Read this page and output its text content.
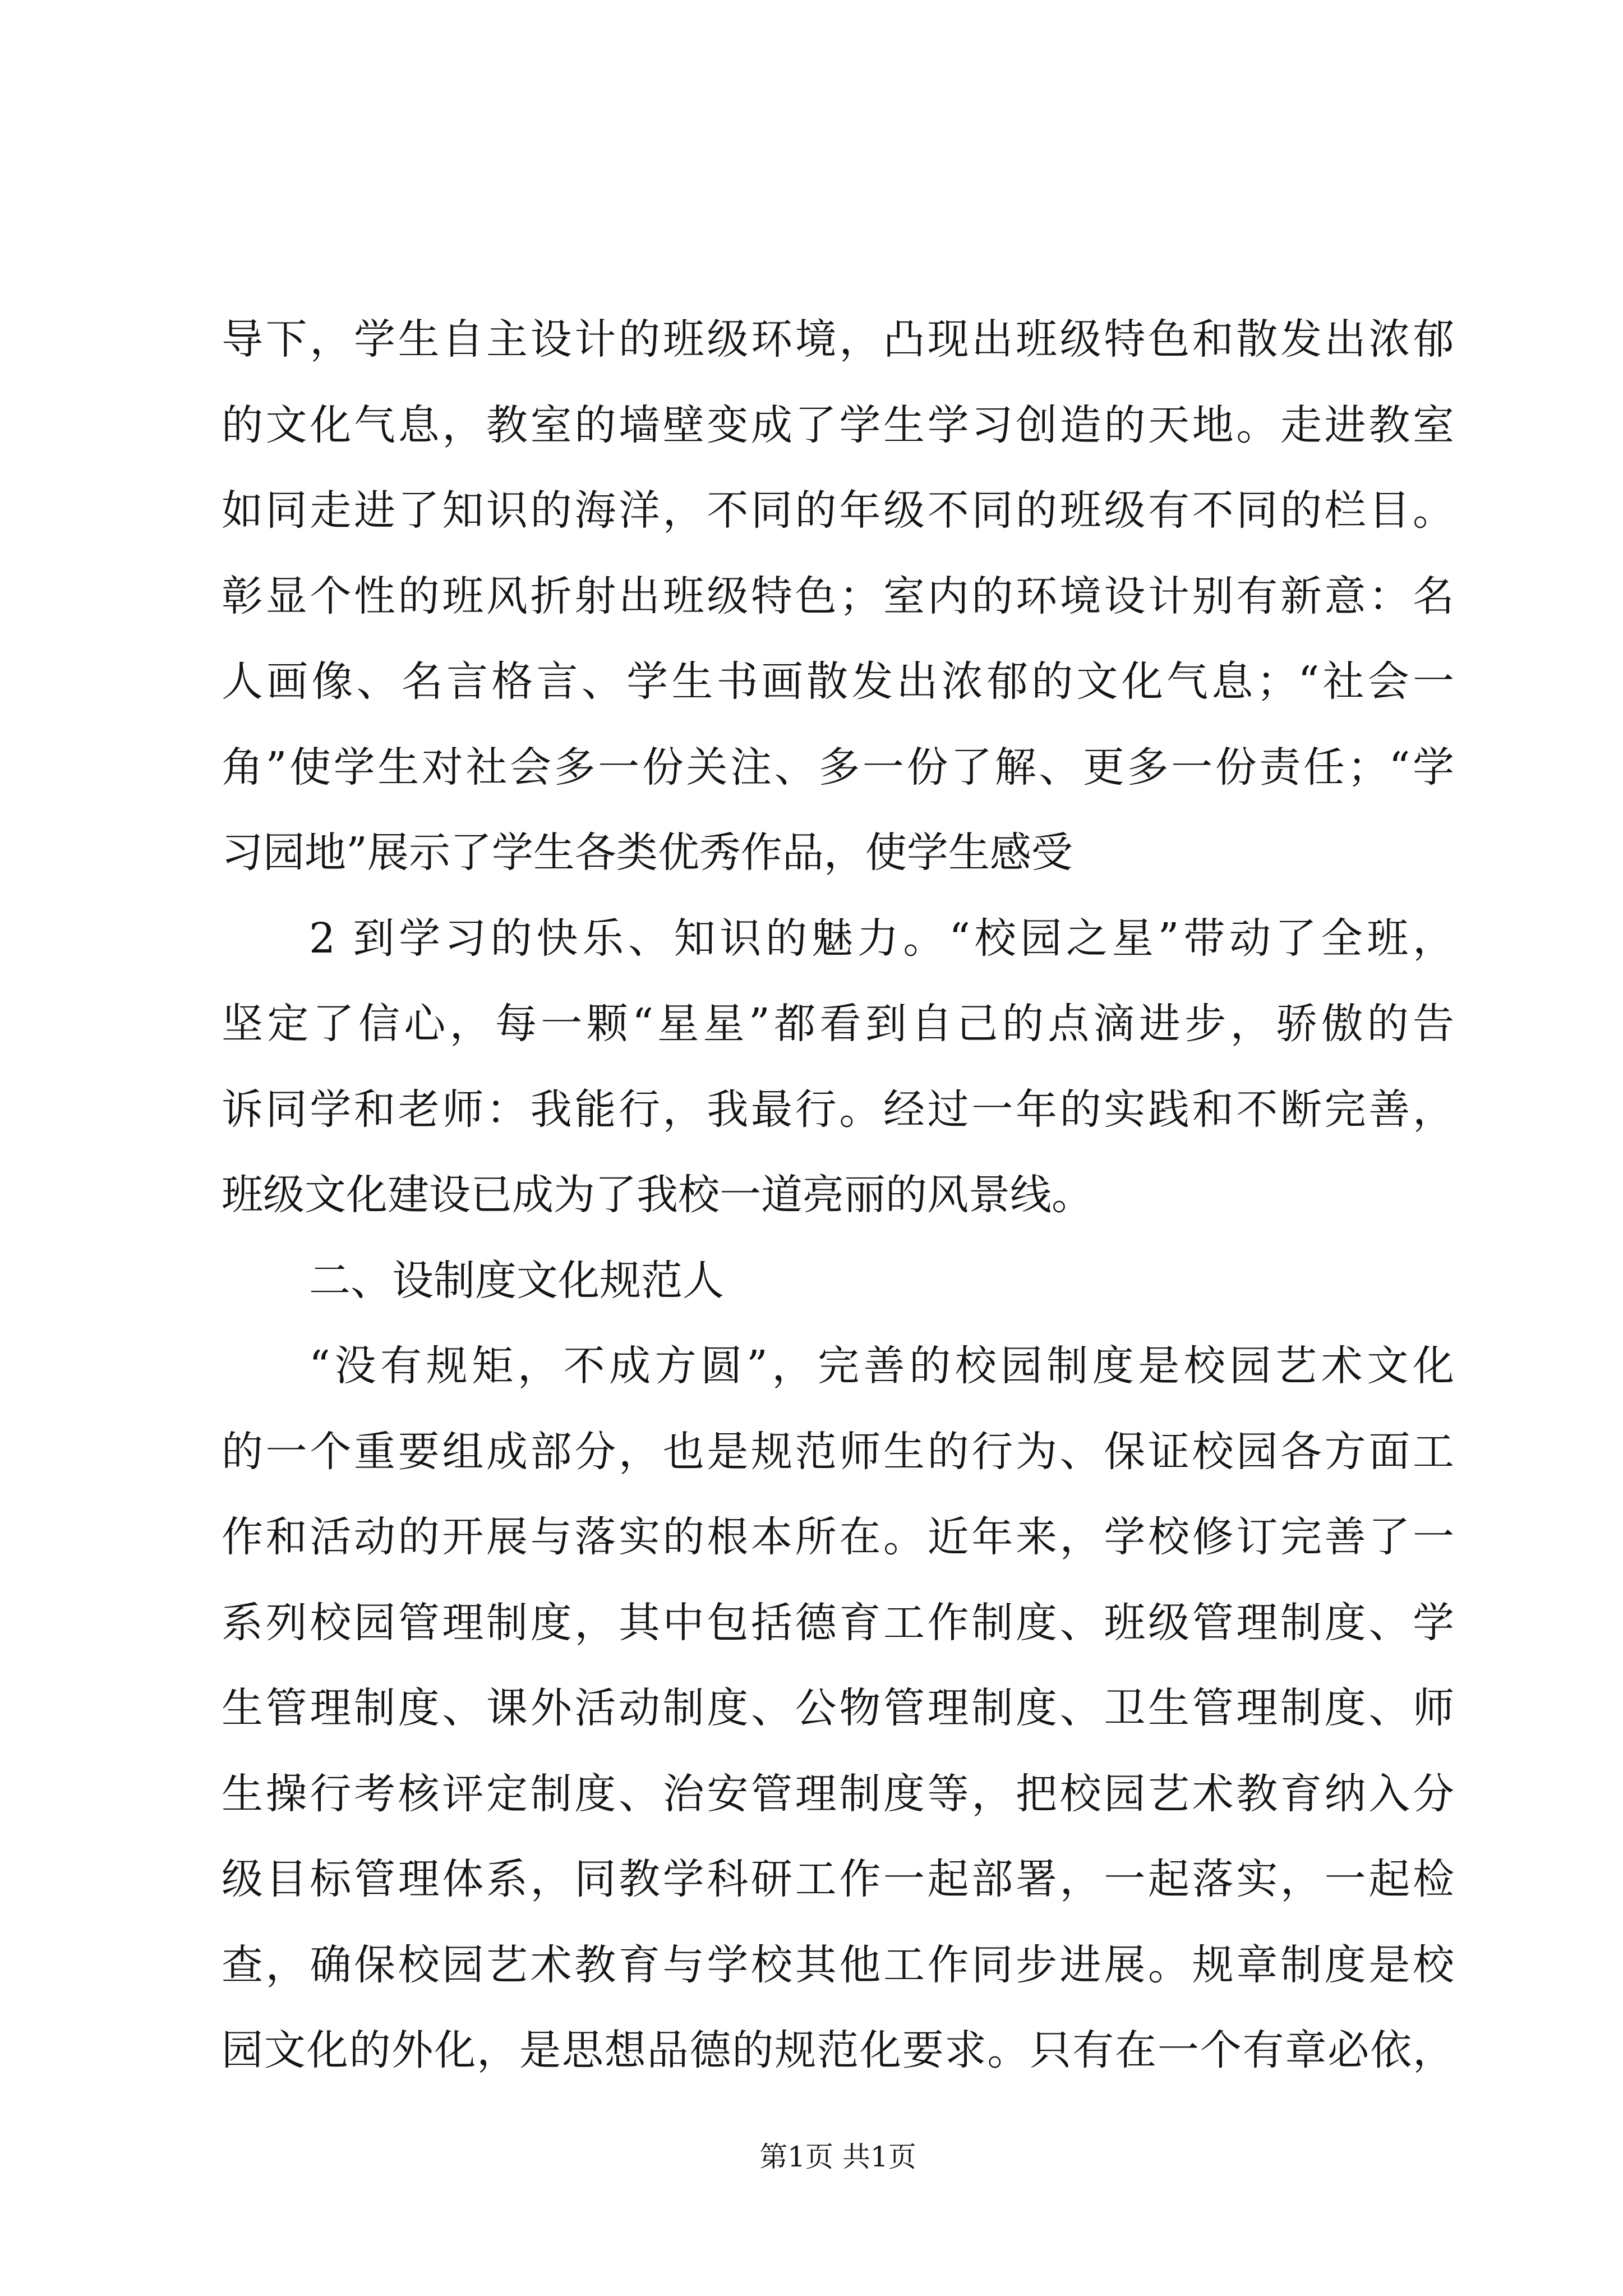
导下，学生自主设计的班级环境，凸现出班级特色和散发出浓郁
的文化气息，教室的墙壁变成了学生学习创造的天地。走进教室
如同走进了知识的海洋，不同的年级不同的班级有不同的栏目。
彰显个性的班风折射出班级特色；室内的环境设计别有新意：名
人画像、名言格言、学生书画散发出浓郁的文化气息；“社会一
角”使学生对社会多一份关注、多一份了解、更多一份责任；“学
习园地”展示了学生各类优秀作品，使学生感受
2 到学习的快乐、知识的魅力。“校园之星”带动了全班，
坚定了信心，每一颗“星星”都看到自己的点滴进步，骄傲的告
诉同学和老师：我能行，我最行。经过一年的实践和不断完善，
班级文化建设已成为了我校一道亮丽的风景线。
二、设制度文化规范人
“没有规矩，不成方圆”，完善的校园制度是校园艺术文化
的一个重要组成部分，也是规范师生的行为、保证校园各方面工
作和活动的开展与落实的根本所在。近年来，学校修订完善了一
系列校园管理制度，其中包括德育工作制度、班级管理制度、学
生管理制度、课外活动制度、公物管理制度、卫生管理制度、师
生操行考核评定制度、治安管理制度等，把校园艺术教育纳入分
级目标管理体系，同教学科研工作一起部署，一起落实，一起检
查，确保校园艺术教育与学校其他工作同步进展。规章制度是校
园文化的外化，是思想品德的规范化要求。只有在一个有章必依，
第1页 共1页
